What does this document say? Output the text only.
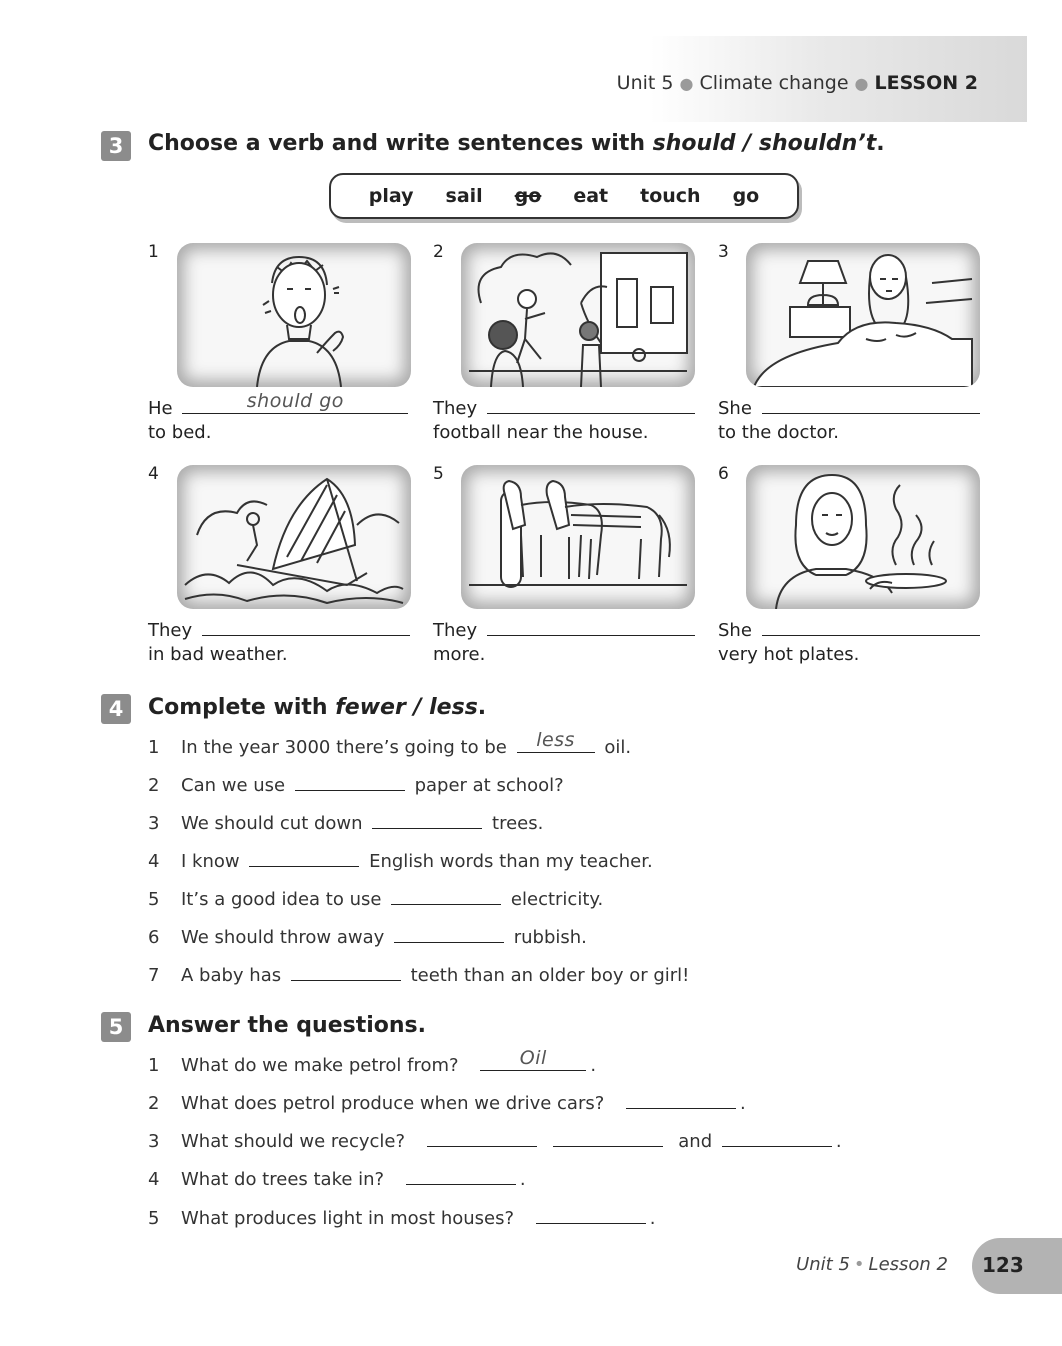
Unit 5 ● Climate change ● LESSON 2
3	Choose a verb and write sentences with should / shouldn’t.
play sail go eat touch go
1
He	should go
to bed.
2
They
football near the house.
3
She
to the doctor.
4
They
in bad weather.
5
They
more.
6
She
very hot plates.
4	Complete with fewer / less.
1 In the year 3000 there’s going to be	less	oil.
2 Can we use	paper at school?
3 We should cut down	trees.
4 I know	English words than my teacher.
5 It’s a good idea to use	electricity.
6 We should throw away	rubbish.
7 A baby has	teeth than an older boy or girl!
5	Answer the questions.
1 What do we make petrol from?	Oil	.
2 What does petrol produce when we drive cars?	.
3 What should we recycle?	and	.
4 What do trees take in?	.
5 What produces light in most houses?	.
Unit 5 • Lesson 2 123
